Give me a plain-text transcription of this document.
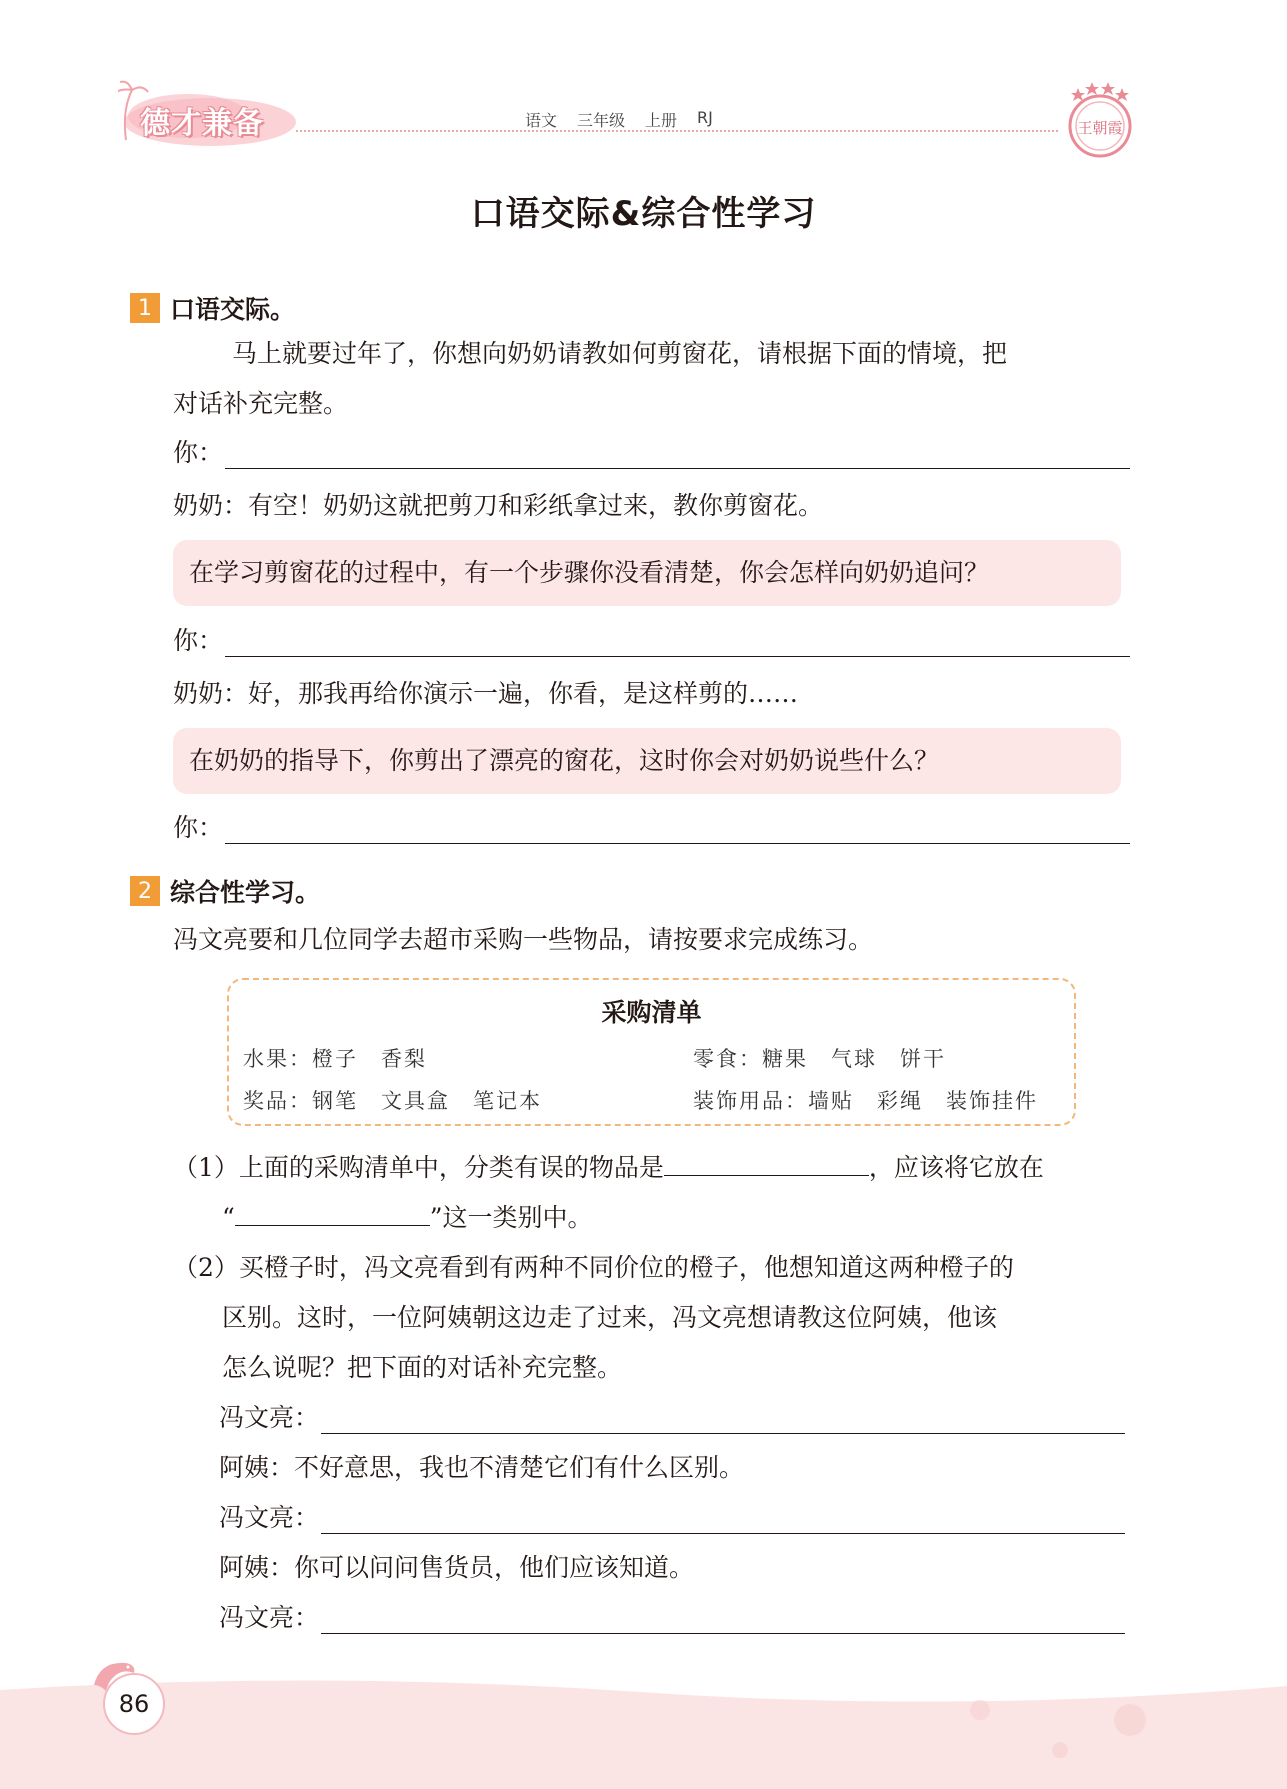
德才兼备	语文 三年级 上册 RJ
王朝霞
口语交际&综合性学习
1 口语交际。
马上就要过年了，你想向奶奶请教如何剪窗花，请根据下面的情境，把
对话补充完整。
你：
奶奶：有空！奶奶这就把剪刀和彩纸拿过来，教你剪窗花。
在学习剪窗花的过程中，有一个步骤你没看清楚，你会怎样向奶奶追问？
你：
奶奶：好，那我再给你演示一遍，你看，是这样剪的……
在奶奶的指导下，你剪出了漂亮的窗花，这时你会对奶奶说些什么？
你：
2 综合性学习。
冯文亮要和几位同学去超市采购一些物品，请按要求完成练习。
采购清单
水果：橙子　香梨	零食：糖果　气球　饼干
奖品：钢笔　文具盒　笔记本	装饰用品：墙贴　彩绳　装饰挂件
（1）上面的采购清单中，分类有误的物品是	，应该将它放在
“	”这一类别中。
（2）买橙子时，冯文亮看到有两种不同价位的橙子，他想知道这两种橙子的
区别。这时，一位阿姨朝这边走了过来，冯文亮想请教这位阿姨，他该
怎么说呢？把下面的对话补充完整。
冯文亮：
阿姨：不好意思，我也不清楚它们有什么区别。
冯文亮：
阿姨：你可以问问售货员，他们应该知道。
冯文亮：
86
